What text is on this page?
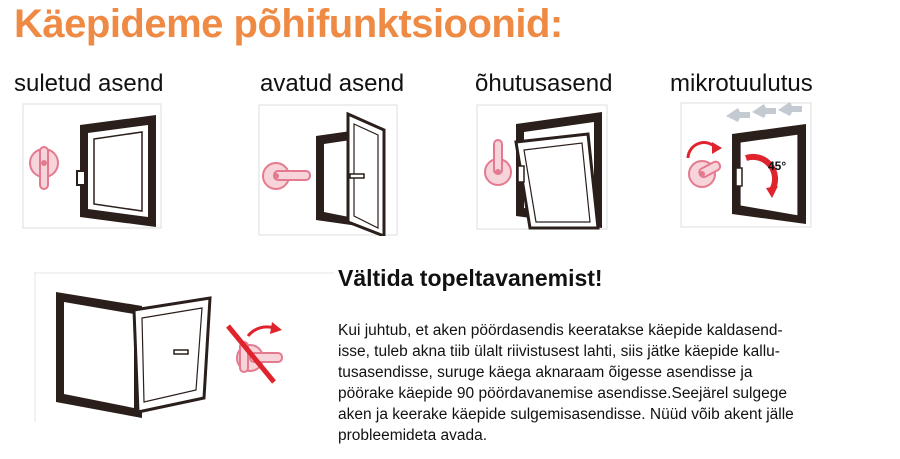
Käepideme põhifunktsioonid:
suletud asend	avatud asend	õhutusasend mikrotuulutus
45°
Vältida topeltavanemist!
Kui juhtub, et aken pöördasendis keeratakse käepide kaldasend-
isse, tuleb akna tiib ülalt riivistusest lahti, siis jätke käepide kallu-
tusasendisse, suruge käega aknaraam õigesse asendisse ja
pöörake käepide 90 pöördavanemise asendisse.Seejärel sulgege
aken ja keerake käepide sulgemisasendisse. Nüüd võib akent jälle
probleemideta avada.
